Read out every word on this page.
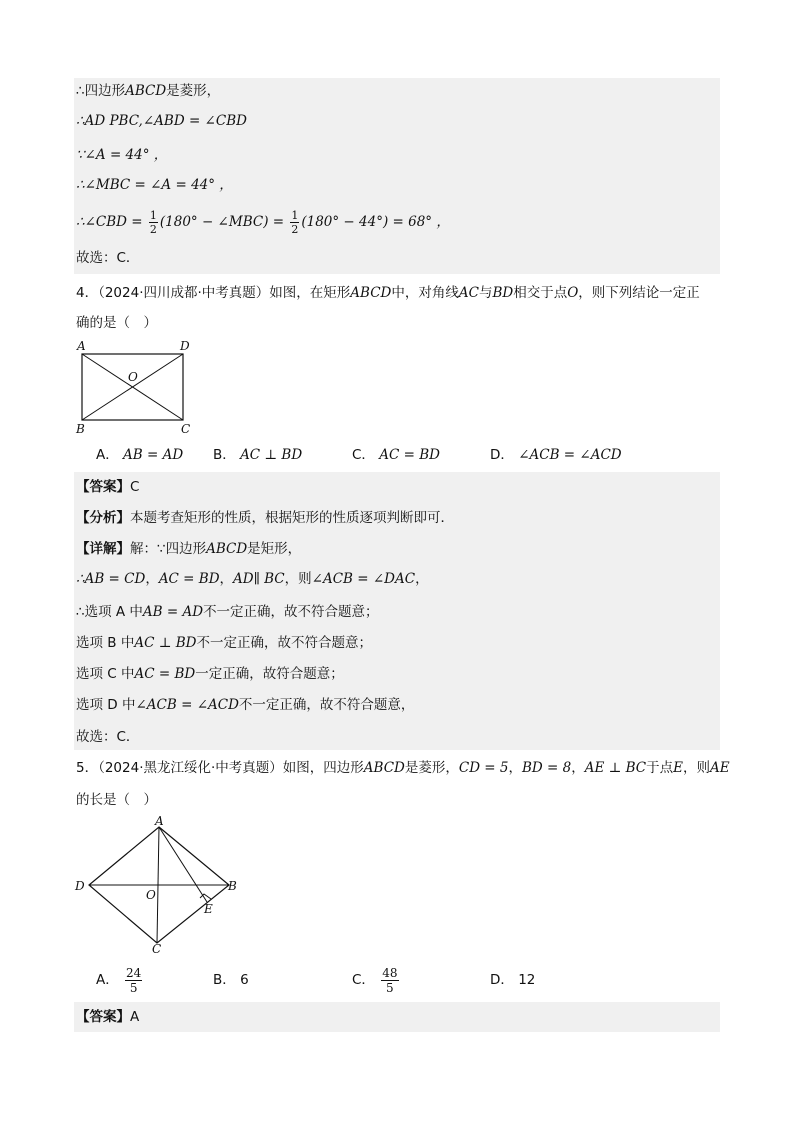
∴四边形ABCD是菱形，
∴AD PBC,∠ABD = ∠CBD
∵∠A = 44° ，
∴∠MBC = ∠A = 44° ，
∴∠CBD = $\frac{1}{2} (180^\circ$ − ∠MBC) = $\frac{1}{2} (180^\circ - 44^\circ) = 68^\circ$ ，
故选：C．
4．（2024·四川成都·中考真题）如图，在矩形ABCD中，对角线AC与BD相交于点O，则下列结论一定正
确的是（　）
A	D
B	C
O
A． AB = AD B． AC ⊥ BD	C． AC = BD	D． ∠ACB = ∠ACD
【答案】C
【分析】本题考查矩形的性质，根据矩形的性质逐项判断即可．
【详解】解：∵四边形ABCD是矩形，
∴AB = CD，AC = BD，AD∥ BC，则∠ACB = ∠DAC，
∴选项 A 中AB = AD不一定正确，故不符合题意；
选项 B 中AC ⊥ BD不一定正确，故不符合题意；
选项 C 中AC = BD一定正确，故符合题意；
选项 D 中∠ACB = ∠ACD不一定正确，故不符合题意，
故选：C．
5．（2024·黑龙江绥化·中考真题）如图，四边形ABCD是菱形，CD = 5，BD = 8，AE ⊥ BC于点E，则AE
的长是（　）
A
B
C
D
O
E
A． $\frac{24}{5}$	B． 6	C． $\frac{48}{5}$	D． 12
【答案】A
